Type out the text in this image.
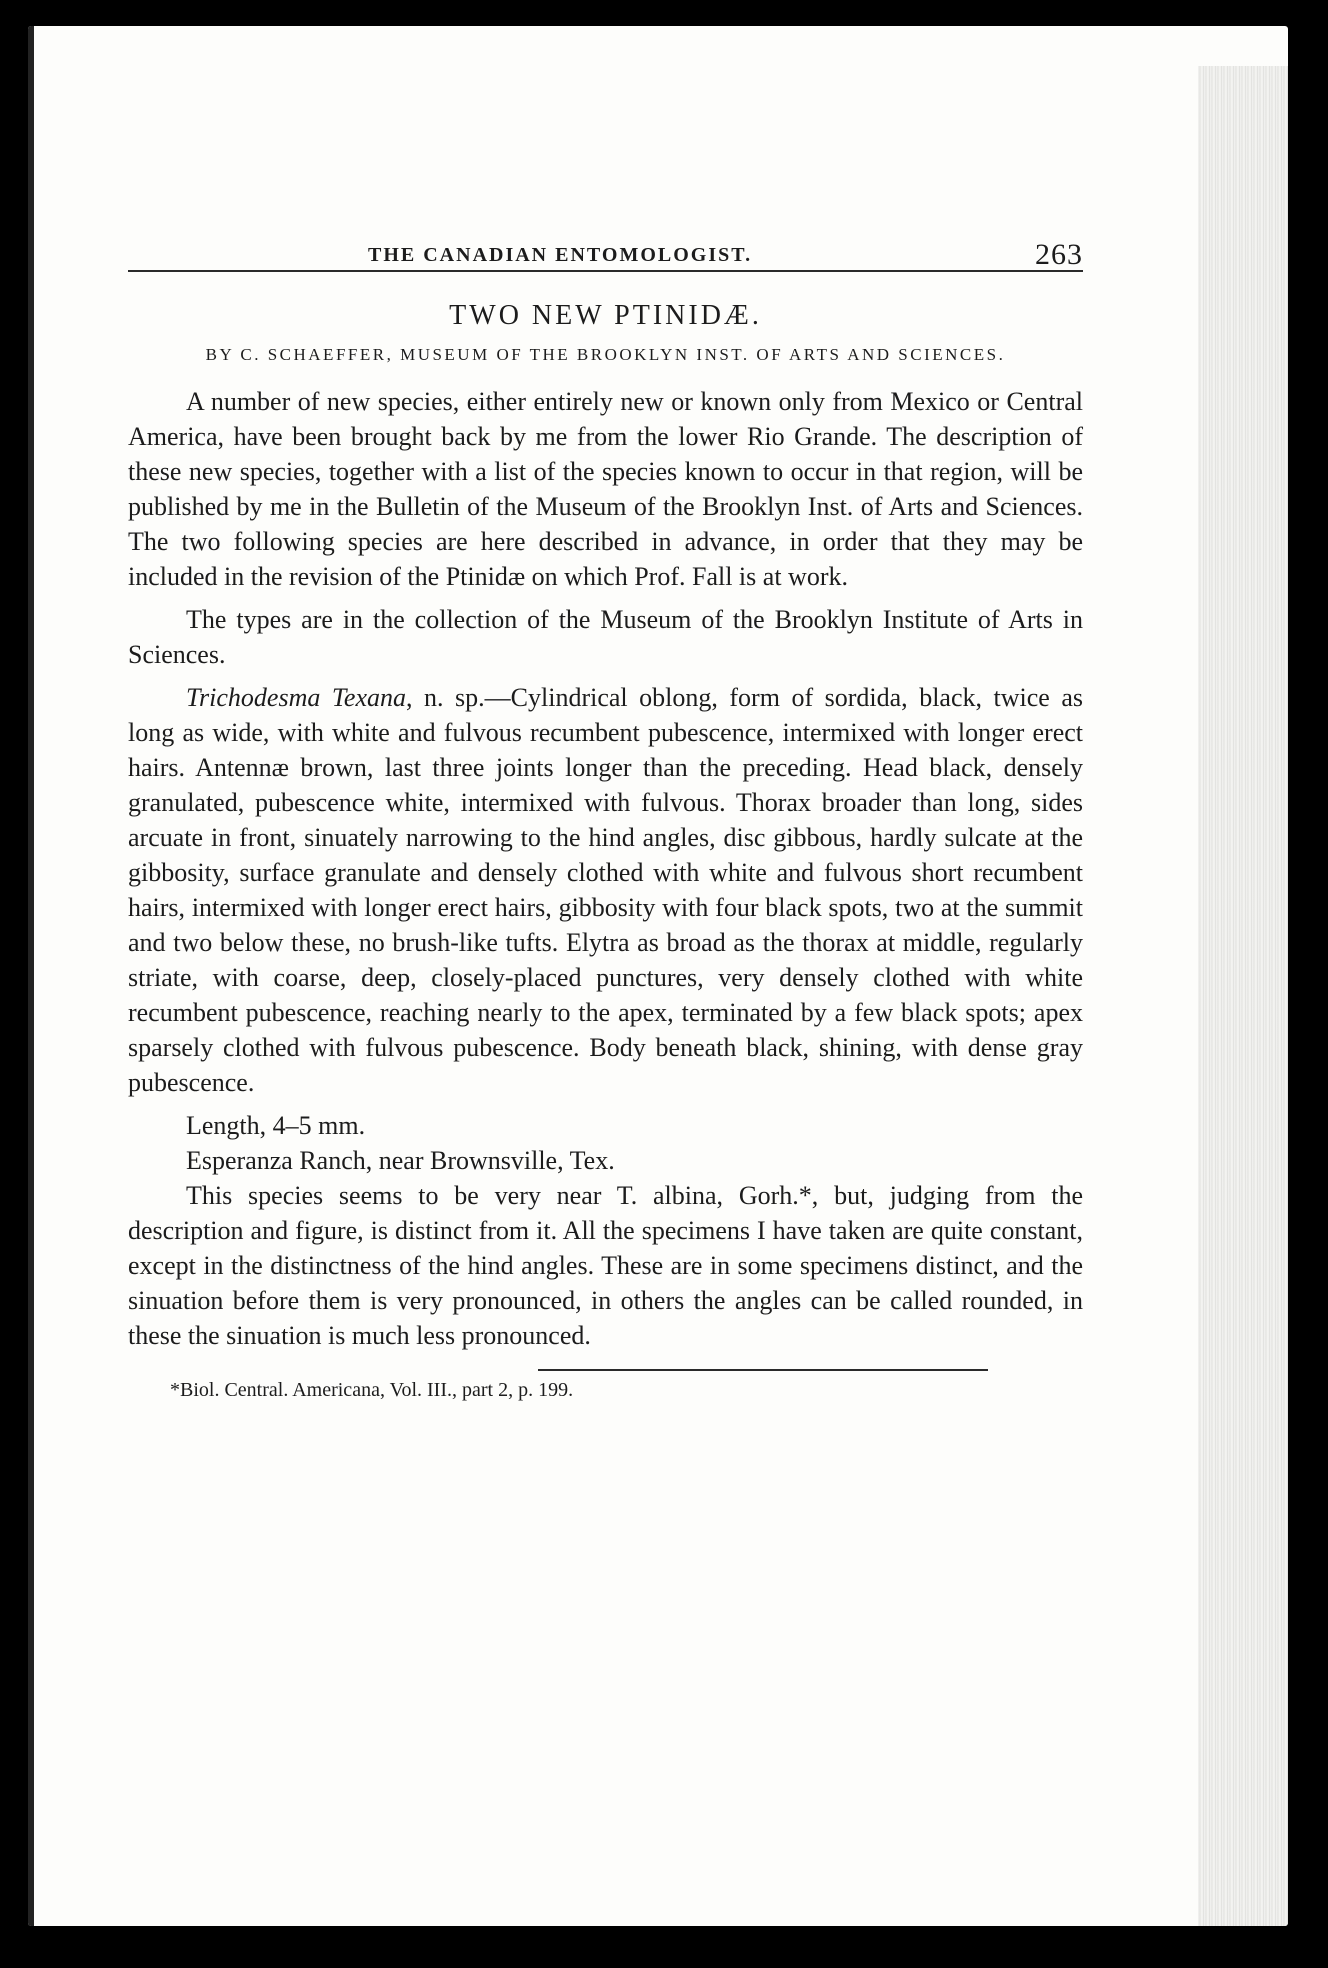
THE CANADIAN ENTOMOLOGIST.	263
TWO NEW PTINIDÆ.
BY C. SCHAEFFER, MUSEUM OF THE BROOKLYN INST. OF ARTS AND SCIENCES.

A number of new species, either entirely new or known only from Mexico or Central America, have been brought back by me from the lower Rio Grande. The description of these new species, together with a list of the species known to occur in that region, will be published by me in the Bulletin of the Museum of the Brooklyn Inst. of Arts and Sciences. The two following species are here described in advance, in order that they may be included in the revision of the Ptinidæ on which Prof. Fall is at work.

The types are in the collection of the Museum of the Brooklyn Institute of Arts in Sciences.

Trichodesma Texana, n. sp.—Cylindrical oblong, form of sordida, black, twice as long as wide, with white and fulvous recumbent pubescence, intermixed with longer erect hairs. Antennæ brown, last three joints longer than the preceding. Head black, densely granulated, pubescence white, intermixed with fulvous. Thorax broader than long, sides arcuate in front, sinuately narrowing to the hind angles, disc gibbous, hardly sulcate at the gibbosity, surface granulate and densely clothed with white and fulvous short recumbent hairs, intermixed with longer erect hairs, gibbosity with four black spots, two at the summit and two below these, no brush-like tufts. Elytra as broad as the thorax at middle, regularly striate, with coarse, deep, closely-placed punctures, very densely clothed with white recumbent pubescence, reaching nearly to the apex, terminated by a few black spots; apex sparsely clothed with fulvous pubescence. Body beneath black, shining, with dense gray pubescence.

Length, 4–5 mm.

Esperanza Ranch, near Brownsville, Tex.

This species seems to be very near T. albina, Gorh.*, but, judging from the description and figure, is distinct from it. All the specimens I have taken are quite constant, except in the distinctness of the hind angles. These are in some specimens distinct, and the sinuation before them is very pronounced, in others the angles can be called rounded, in these the sinuation is much less pronounced.

*Biol. Central. Americana, Vol. III., part 2, p. 199.
